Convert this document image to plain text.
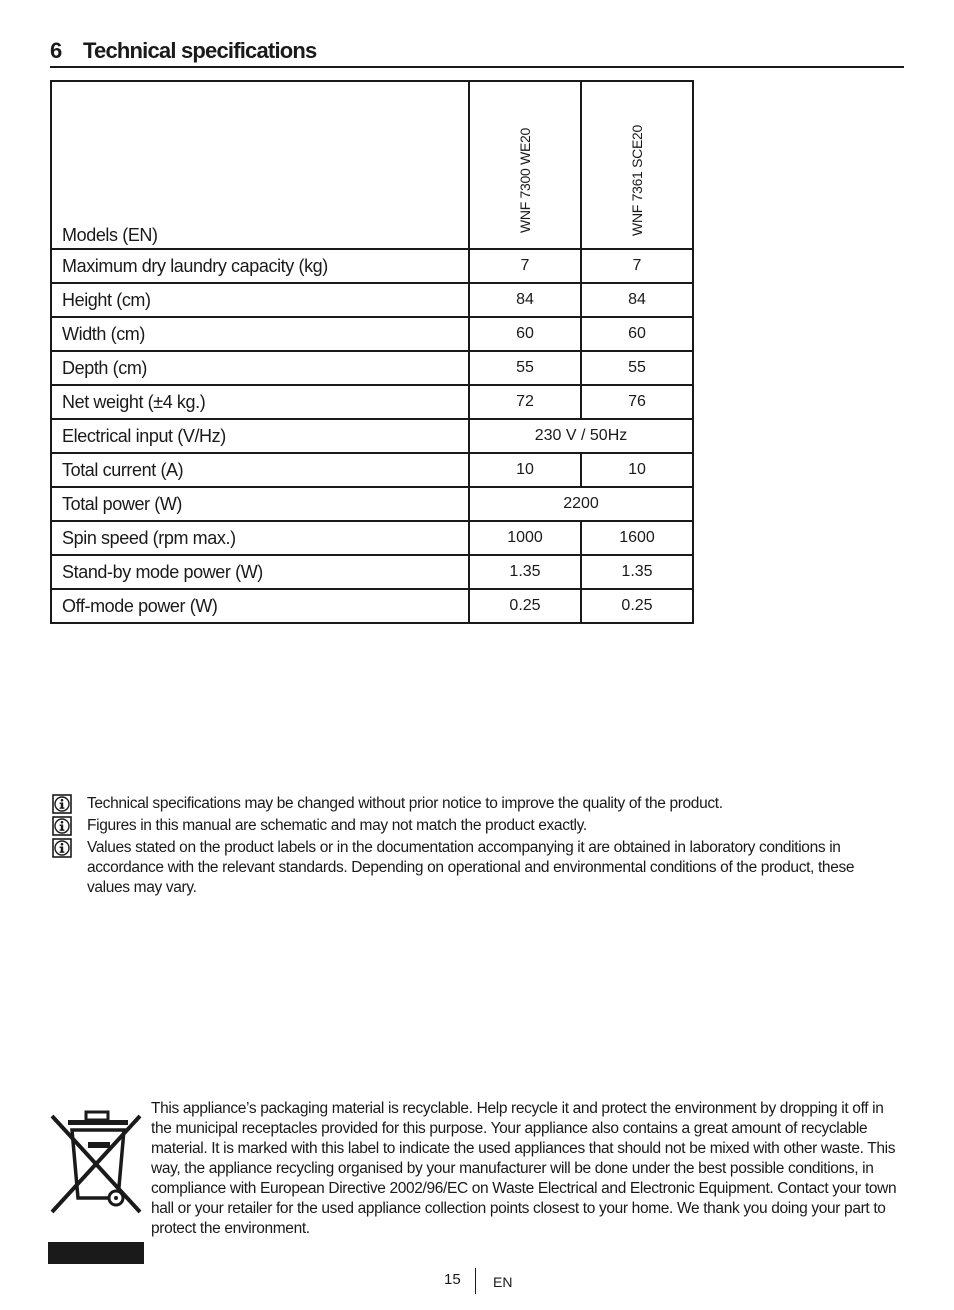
6 Technical specifications
Models (EN)	WNF 7300 WE20	WNF 7361 SCE20
Maximum dry laundry capacity (kg)	7	7
Height (cm)	84	84
Width (cm)	60	60
Depth (cm)	55	55
Net weight (±4 kg.)	72	76
Electrical input (V/Hz)	230 V / 50Hz	
Total current (A)	10	10
Total power (W)	2200	
Spin speed (rpm max.)	1000	1600
Stand-by mode power (W)	1.35	1.35
Off-mode power (W)	0.25	0.25
Technical specifications may be changed without prior notice to improve the quality of the product.
Figures in this manual are schematic and may not match the product exactly.
Values stated on the product labels or in the documentation accompanying it are obtained in laboratory conditions in accordance with the relevant standards. Depending on operational and environmental conditions of the product, these values may vary.
This appliance’s packaging material is recyclable. Help recycle it and protect the environment by dropping it off in the municipal receptacles provided for this purpose. Your appliance also contains a great amount of recyclable material. It is marked with this label to indicate the used appliances that should not be mixed with other waste. This way, the appliance recycling organised by your manufacturer will be done under the best possible conditions, in compliance with European Directive 2002/96/EC on Waste Electrical and Electronic Equipment. Contact your town hall or your retailer for the used appliance collection points closest to your home. We thank you doing your part to protect the environment.
15 EN
